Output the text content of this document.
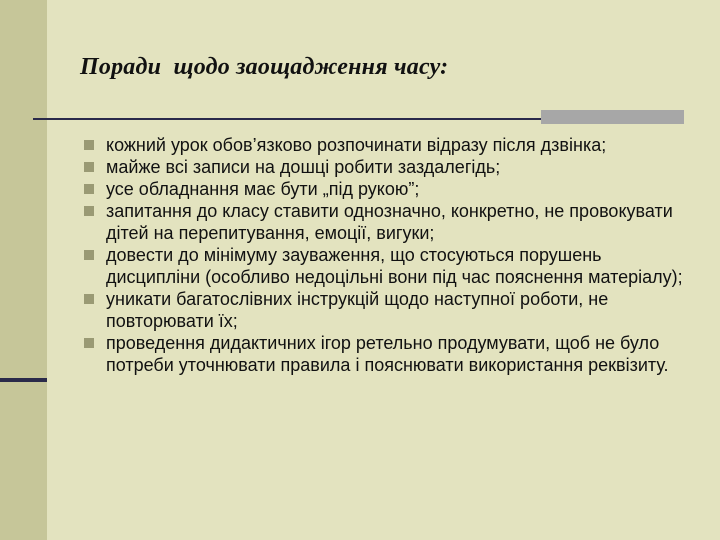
Поради  щодо заощадження часу:
кожний урок обов’язково розпочинати відразу після дзвінка;
майже всі записи на дошці робити заздалегідь;
усе обладнання має бути „під рукою”;
запитання до класу ставити однозначно, конкретно, не провокувати дітей на перепитування, емоції, вигуки;
довести до мінімуму зауваження, що стосуються порушень дисципліни (особливо недоцільні вони під час пояснення матеріалу);
уникати багатослівних інструкцій щодо наступної роботи, не повторювати їх;
проведення дидактичних ігор ретельно продумувати, щоб не було потреби уточнювати правила і пояснювати використання реквізиту.
